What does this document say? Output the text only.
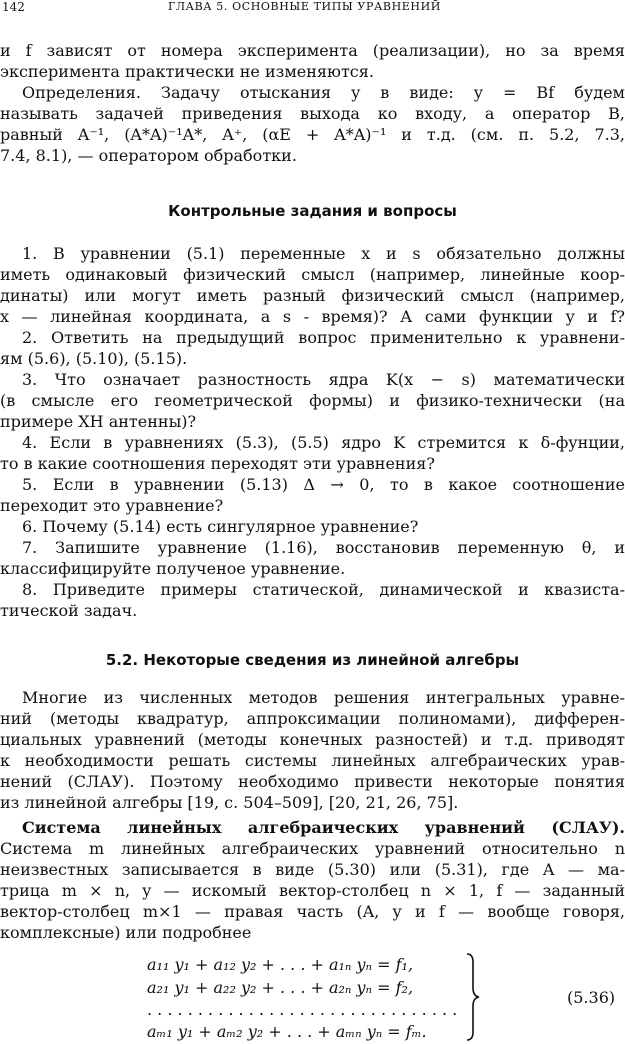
142	ГЛАВА 5. ОСНОВНЫЕ ТИПЫ УРАВНЕНИЙ
и f зависят от номера эксперимента (реализации), но за время
эксперимента практически не изменяются.
Определения. Задачу отыскания y в виде: y = Bf будем
называть задачей приведения выхода ко входу, а оператор B,
равный A⁻¹, (A*A)⁻¹A*, A⁺, (αE + A*A)⁻¹ и т.д. (см. п. 5.2, 7.3,
7.4, 8.1), — оператором обработки.
Контрольные задания и вопросы
1. В уравнении (5.1) переменные x и s обязательно должны
иметь одинаковый физический смысл (например, линейные коор-
динаты) или могут иметь разный физический смысл (например,
x — линейная координата, а s - время)? А сами функции y и f?
2. Ответить на предыдущий вопрос применительно к уравнени-
ям (5.6), (5.10), (5.15).
3. Что означает разностность ядра K(x − s) математически
(в смысле его геометрической формы) и физико-технически (на
примере ХН антенны)?
4. Если в уравнениях (5.3), (5.5) ядро K стремится к δ-фунции,
то в какие соотношения переходят эти уравнения?
5. Если в уравнении (5.13) Δ → 0, то в какое соотношение
переходит это уравнение?
6. Почему (5.14) есть сингулярное уравнение?
7. Запишите уравнение (1.16), восстановив переменную θ, и
классифицируйте полученое уравнение.
8. Приведите примеры статической, динамической и квазиста-
тической задач.
5.2. Некоторые сведения из линейной алгебры
Многие из численных методов решения интегральных уравне-
ний (методы квадратур, аппроксимации полиномами), дифферен-
циальных уравнений (методы конечных разностей) и т.д. приводят
к необходимости решать системы линейных алгебраических урав-
нений (СЛАУ). Поэтому необходимо привести некоторые понятия
из линейной алгебры [19, с. 504–509], [20, 21, 26, 75].
Система линейных алгебраических уравнений (СЛАУ).
Система m линейных алгебраических уравнений относительно n
неизвестных записывается в виде (5.30) или (5.31), где A — ма-
трица m × n, y — искомый вектор-столбец n × 1, f — заданный
вектор-столбец m×1 — правая часть (A, y и f — вообще говоря,
комплексные) или подробнее
a₁₁ y₁ + a₁₂ y₂ + . . . + a₁ₙ yₙ = f₁,
a₂₁ y₁ + a₂₂ y₂ + . . . + a₂ₙ yₙ = f₂,
. . . . . . . . . . . . . . . . . . . . . . . . . . . . . . .
aₘ₁ y₁ + aₘ₂ y₂ + . . . + aₘₙ yₙ = fₘ.
(5.36)
